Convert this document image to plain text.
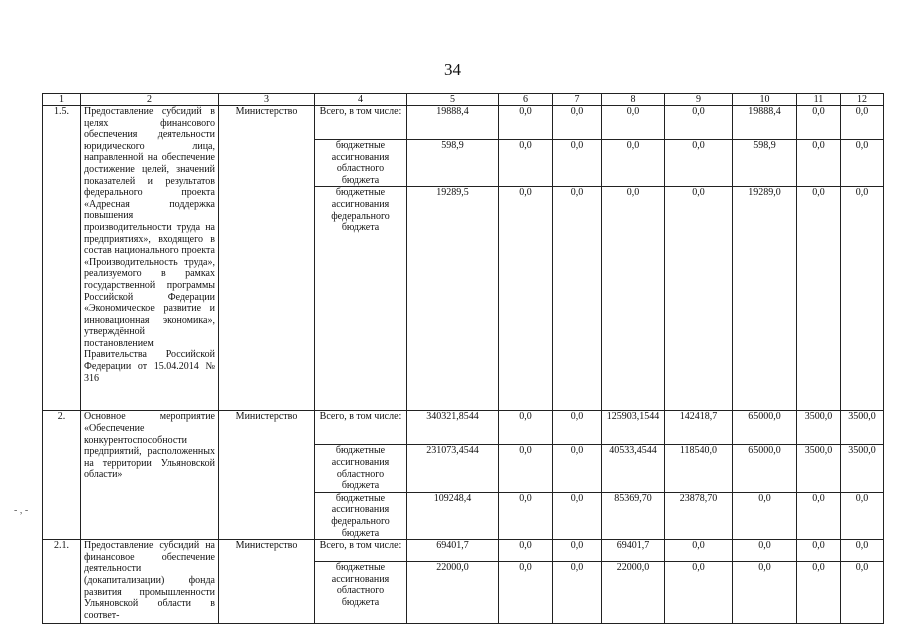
34
- , -
1	2	3	4	5	6	7	8	9	10	11	12
1.5.	Предоставление субсидий в целях финансового обеспечения деятельности юридического лица, направленной на обеспечение достижение целей, значений показателей и результатов федерального проекта «Адресная поддержка повышения производительности труда на предприятиях», входящего в состав национального проекта «Производительность труда», реализуемого в рамках государственной программы Российской Федерации «Экономическое развитие и инновационная экономика», утверждённой постановлением Правительства Российской Федерации от 15.04.2014 № 316	Министерство	Всего, в том числе:	19888,4	0,0	0,0	0,0	0,0	19888,4	0,0	0,0
			бюджетные ассигнования областного бюджета	598,9	0,0	0,0	0,0	0,0	598,9	0,0	0,0
			бюджетные ассигнования федерального бюджета	19289,5	0,0	0,0	0,0	0,0	19289,0	0,0	0,0
2.	Основное мероприятие «Обеспечение конкурентоспособности предприятий, расположенных на территории Ульяновской области»	Министерство	Всего, в том числе:	340321,8544	0,0	0,0	125903,1544	142418,7	65000,0	3500,0	3500,0
			бюджетные ассигнования областного бюджета	231073,4544	0,0	0,0	40533,4544	118540,0	65000,0	3500,0	3500,0
			бюджетные ассигнования федерального бюджета	109248,4	0,0	0,0	85369,70	23878,70	0,0	0,0	0,0
2.1.	Предоставление субсидий на финансовое обеспечение деятельности (докапитализации) фонда развития промышленности Ульяновской области в соответ-	Министерство	Всего, в том числе:	69401,7	0,0	0,0	69401,7	0,0	0,0	0,0	0,0
			бюджетные ассигнования областного бюджета	22000,0	0,0	0,0	22000,0	0,0	0,0	0,0	0,0
